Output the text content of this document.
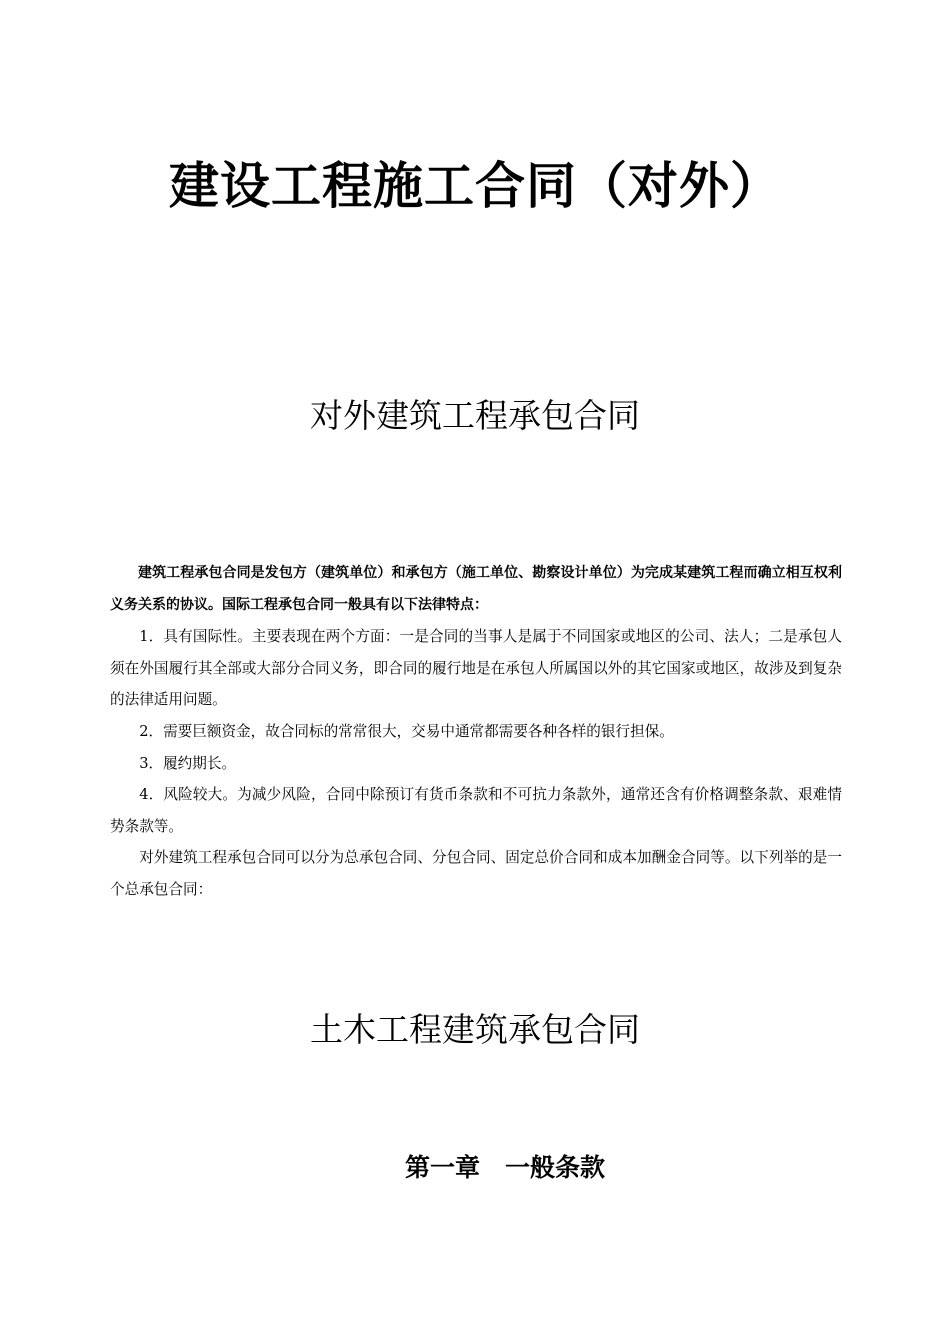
建设工程施工合同（对外）
对外建筑工程承包合同

建筑工程承包合同是发包方（建筑单位）和承包方（施工单位、勘察设计单位）为完成某建筑工程而确立相互权利义务关系的协议。国际工程承包合同一般具有以下法律特点：

1．具有国际性。主要表现在两个方面：一是合同的当事人是属于不同国家或地区的公司、法人；二是承包人须在外国履行其全部或大部分合同义务，即合同的履行地是在承包人所属国以外的其它国家或地区，故涉及到复杂的法律适用问题。

2．需要巨额资金，故合同标的常常很大，交易中通常都需要各种各样的银行担保。

3．履约期长。

4．风险较大。为减少风险，合同中除预订有货币条款和不可抗力条款外，通常还含有价格调整条款、艰难情势条款等。

对外建筑工程承包合同可以分为总承包合同、分包合同、固定总价合同和成本加酬金合同等。以下列举的是一个总承包合同：

土木工程建筑承包合同
第一章　一般条款
